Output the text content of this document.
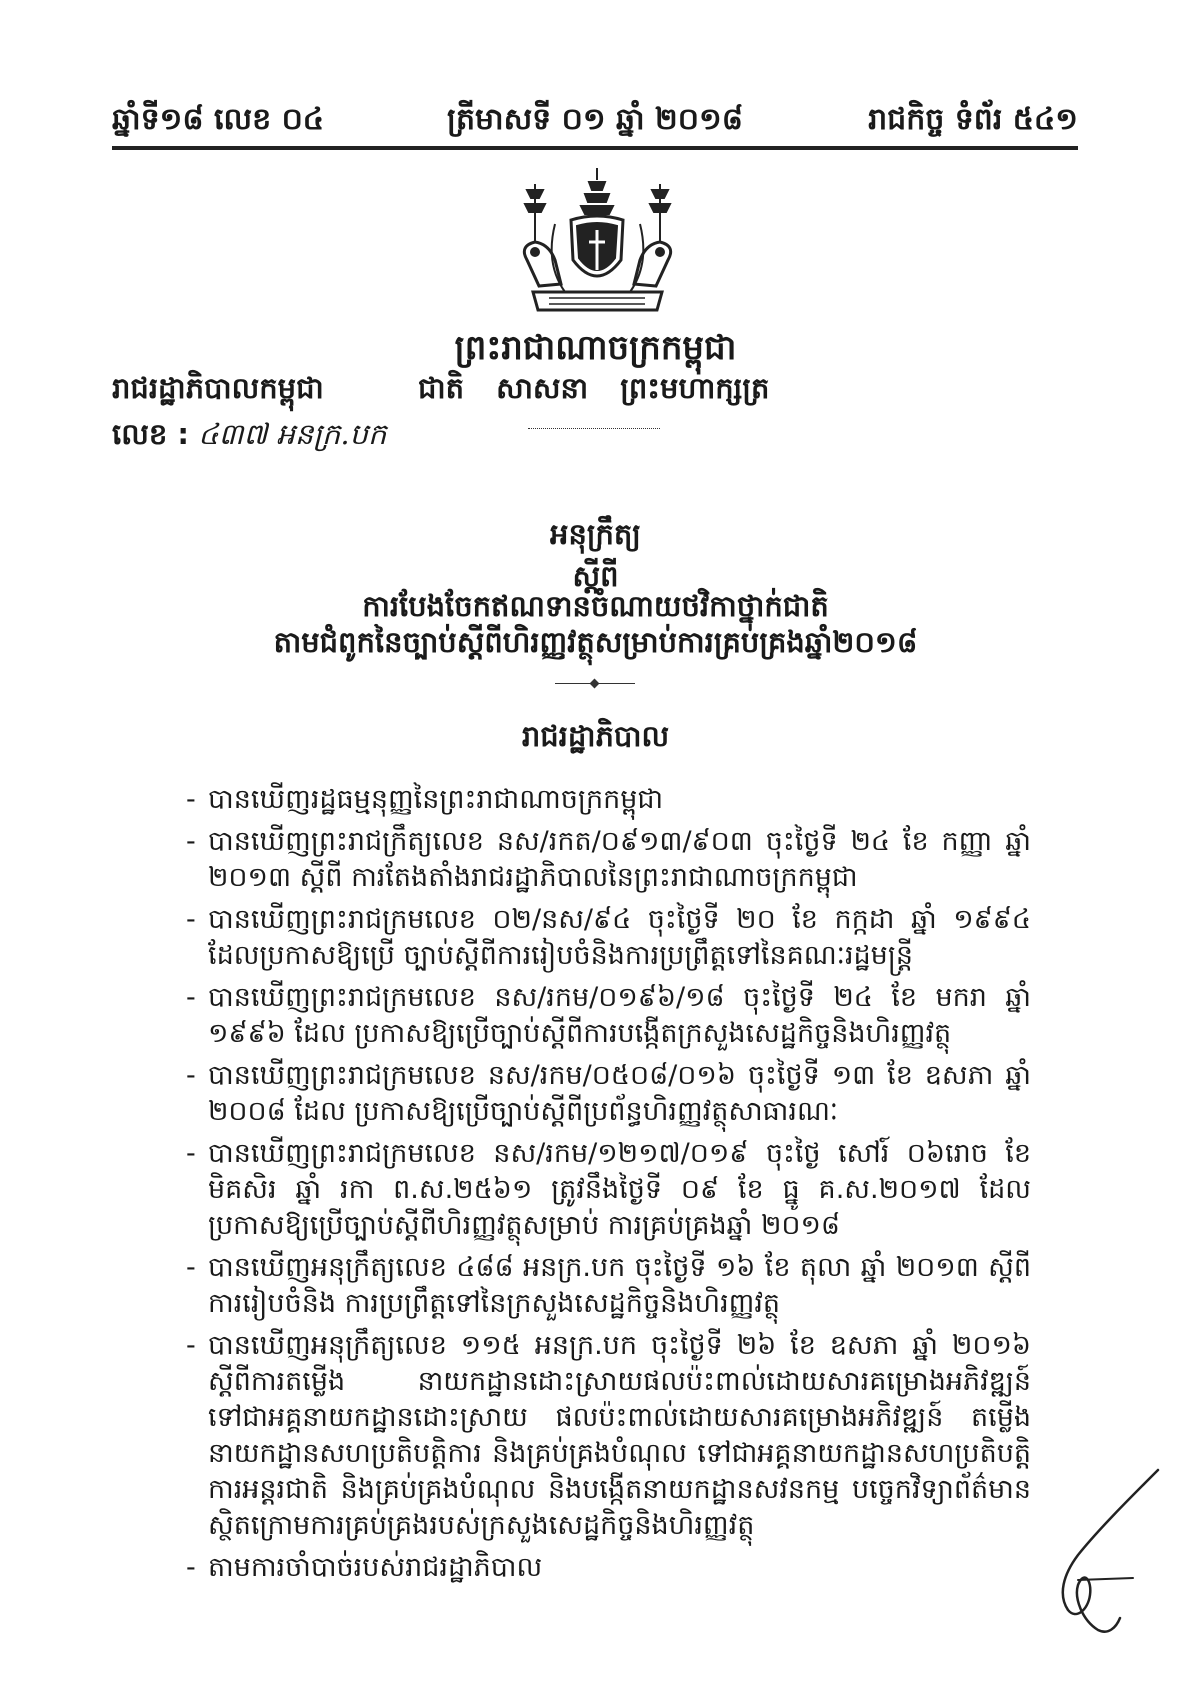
ឆ្នាំទី១៨ លេខ ០៤	ត្រីមាសទី ០១ ឆ្នាំ ២០១៨	រាជកិច្ច ទំព័រ ៥៤១
ព្រះរាជាណាចក្រកម្ពុជា
រាជរដ្ឋាភិបាលកម្ពុជា	ជាតិ សាសនា ព្រះមហាក្សត្រ
លេខ : ៤៣៧ អនក្រ.បក
អនុក្រឹត្យ
ស្តីពី
ការបែងចែកឥណទានចំណាយថវិកាថ្នាក់ជាតិ
តាមជំពូកនៃច្បាប់ស្តីពីហិរញ្ញវត្ថុសម្រាប់ការគ្រប់គ្រងឆ្នាំ២០១៨
រាជរដ្ឋាភិបាល
- បានឃើញរដ្ឋធម្មនុញ្ញនៃព្រះរាជាណាចក្រកម្ពុជា
- បានឃើញព្រះរាជក្រឹត្យលេខ នស/រកត/០៩១៣/៩០៣ ចុះថ្ងៃទី ២៤ ខែ កញ្ញា ឆ្នាំ ២០១៣ ស្តីពី ការតែងតាំងរាជរដ្ឋាភិបាលនៃព្រះរាជាណាចក្រកម្ពុជា
- បានឃើញព្រះរាជក្រមលេខ ០២/នស/៩៤ ចុះថ្ងៃទី ២០ ខែ កក្កដា ឆ្នាំ ១៩៩៤ ដែលប្រកាសឱ្យប្រើ ច្បាប់ស្តីពីការរៀបចំនិងការប្រព្រឹត្តទៅនៃគណៈរដ្ឋមន្ត្រី
- បានឃើញព្រះរាជក្រមលេខ នស/រកម/០១៩៦/១៨ ចុះថ្ងៃទី ២៤ ខែ មករា ឆ្នាំ ១៩៩៦ ដែល ប្រកាសឱ្យប្រើច្បាប់ស្តីពីការបង្កើតក្រសួងសេដ្ឋកិច្ចនិងហិរញ្ញវត្ថុ
- បានឃើញព្រះរាជក្រមលេខ នស/រកម/០៥០៨/០១៦ ចុះថ្ងៃទី ១៣ ខែ ឧសភា ឆ្នាំ ២០០៨ ដែល ប្រកាសឱ្យប្រើច្បាប់ស្តីពីប្រព័ន្ធហិរញ្ញវត្ថុសាធារណៈ
- បានឃើញព្រះរាជក្រមលេខ នស/រកម/១២១៧/០១៩ ចុះថ្ងៃ សៅរ៍ ០៦រោច ខែ មិគសិរ ឆ្នាំ រកា ព.ស.២៥៦១ ត្រូវនឹងថ្ងៃទី ០៩ ខែ ធ្នូ គ.ស.២០១៧ ដែលប្រកាសឱ្យប្រើច្បាប់ស្តីពីហិរញ្ញវត្ថុសម្រាប់ ការគ្រប់គ្រងឆ្នាំ ២០១៨
- បានឃើញអនុក្រឹត្យលេខ ៤៨៨ អនក្រ.បក ចុះថ្ងៃទី ១៦ ខែ តុលា ឆ្នាំ ២០១៣ ស្តីពីការរៀបចំនិង ការប្រព្រឹត្តទៅនៃក្រសួងសេដ្ឋកិច្ចនិងហិរញ្ញវត្ថុ
- បានឃើញអនុក្រឹត្យលេខ ១១៥ អនក្រ.បក ចុះថ្ងៃទី ២៦ ខែ ឧសភា ឆ្នាំ ២០១៦ ស្តីពីការតម្លើង នាយកដ្ឋានដោះស្រាយផលប៉ះពាល់ដោយសារគម្រោងអភិវឌ្ឍន៍ ទៅជាអគ្គនាយកដ្ឋានដោះស្រាយ ផលប៉ះពាល់ដោយសារគម្រោងអភិវឌ្ឍន៍ តម្លើងនាយកដ្ឋានសហប្រតិបត្តិការ និងគ្រប់គ្រងបំណុល ទៅជាអគ្គនាយកដ្ឋានសហប្រតិបត្តិការអន្តរជាតិ និងគ្រប់គ្រងបំណុល និងបង្កើតនាយកដ្ឋានសវនកម្ម បច្ចេកវិទ្យាព័ត៌មាន ស្ថិតក្រោមការគ្រប់គ្រងរបស់ក្រសួងសេដ្ឋកិច្ចនិងហិរញ្ញវត្ថុ
- តាមការចាំបាច់របស់រាជរដ្ឋាភិបាល
